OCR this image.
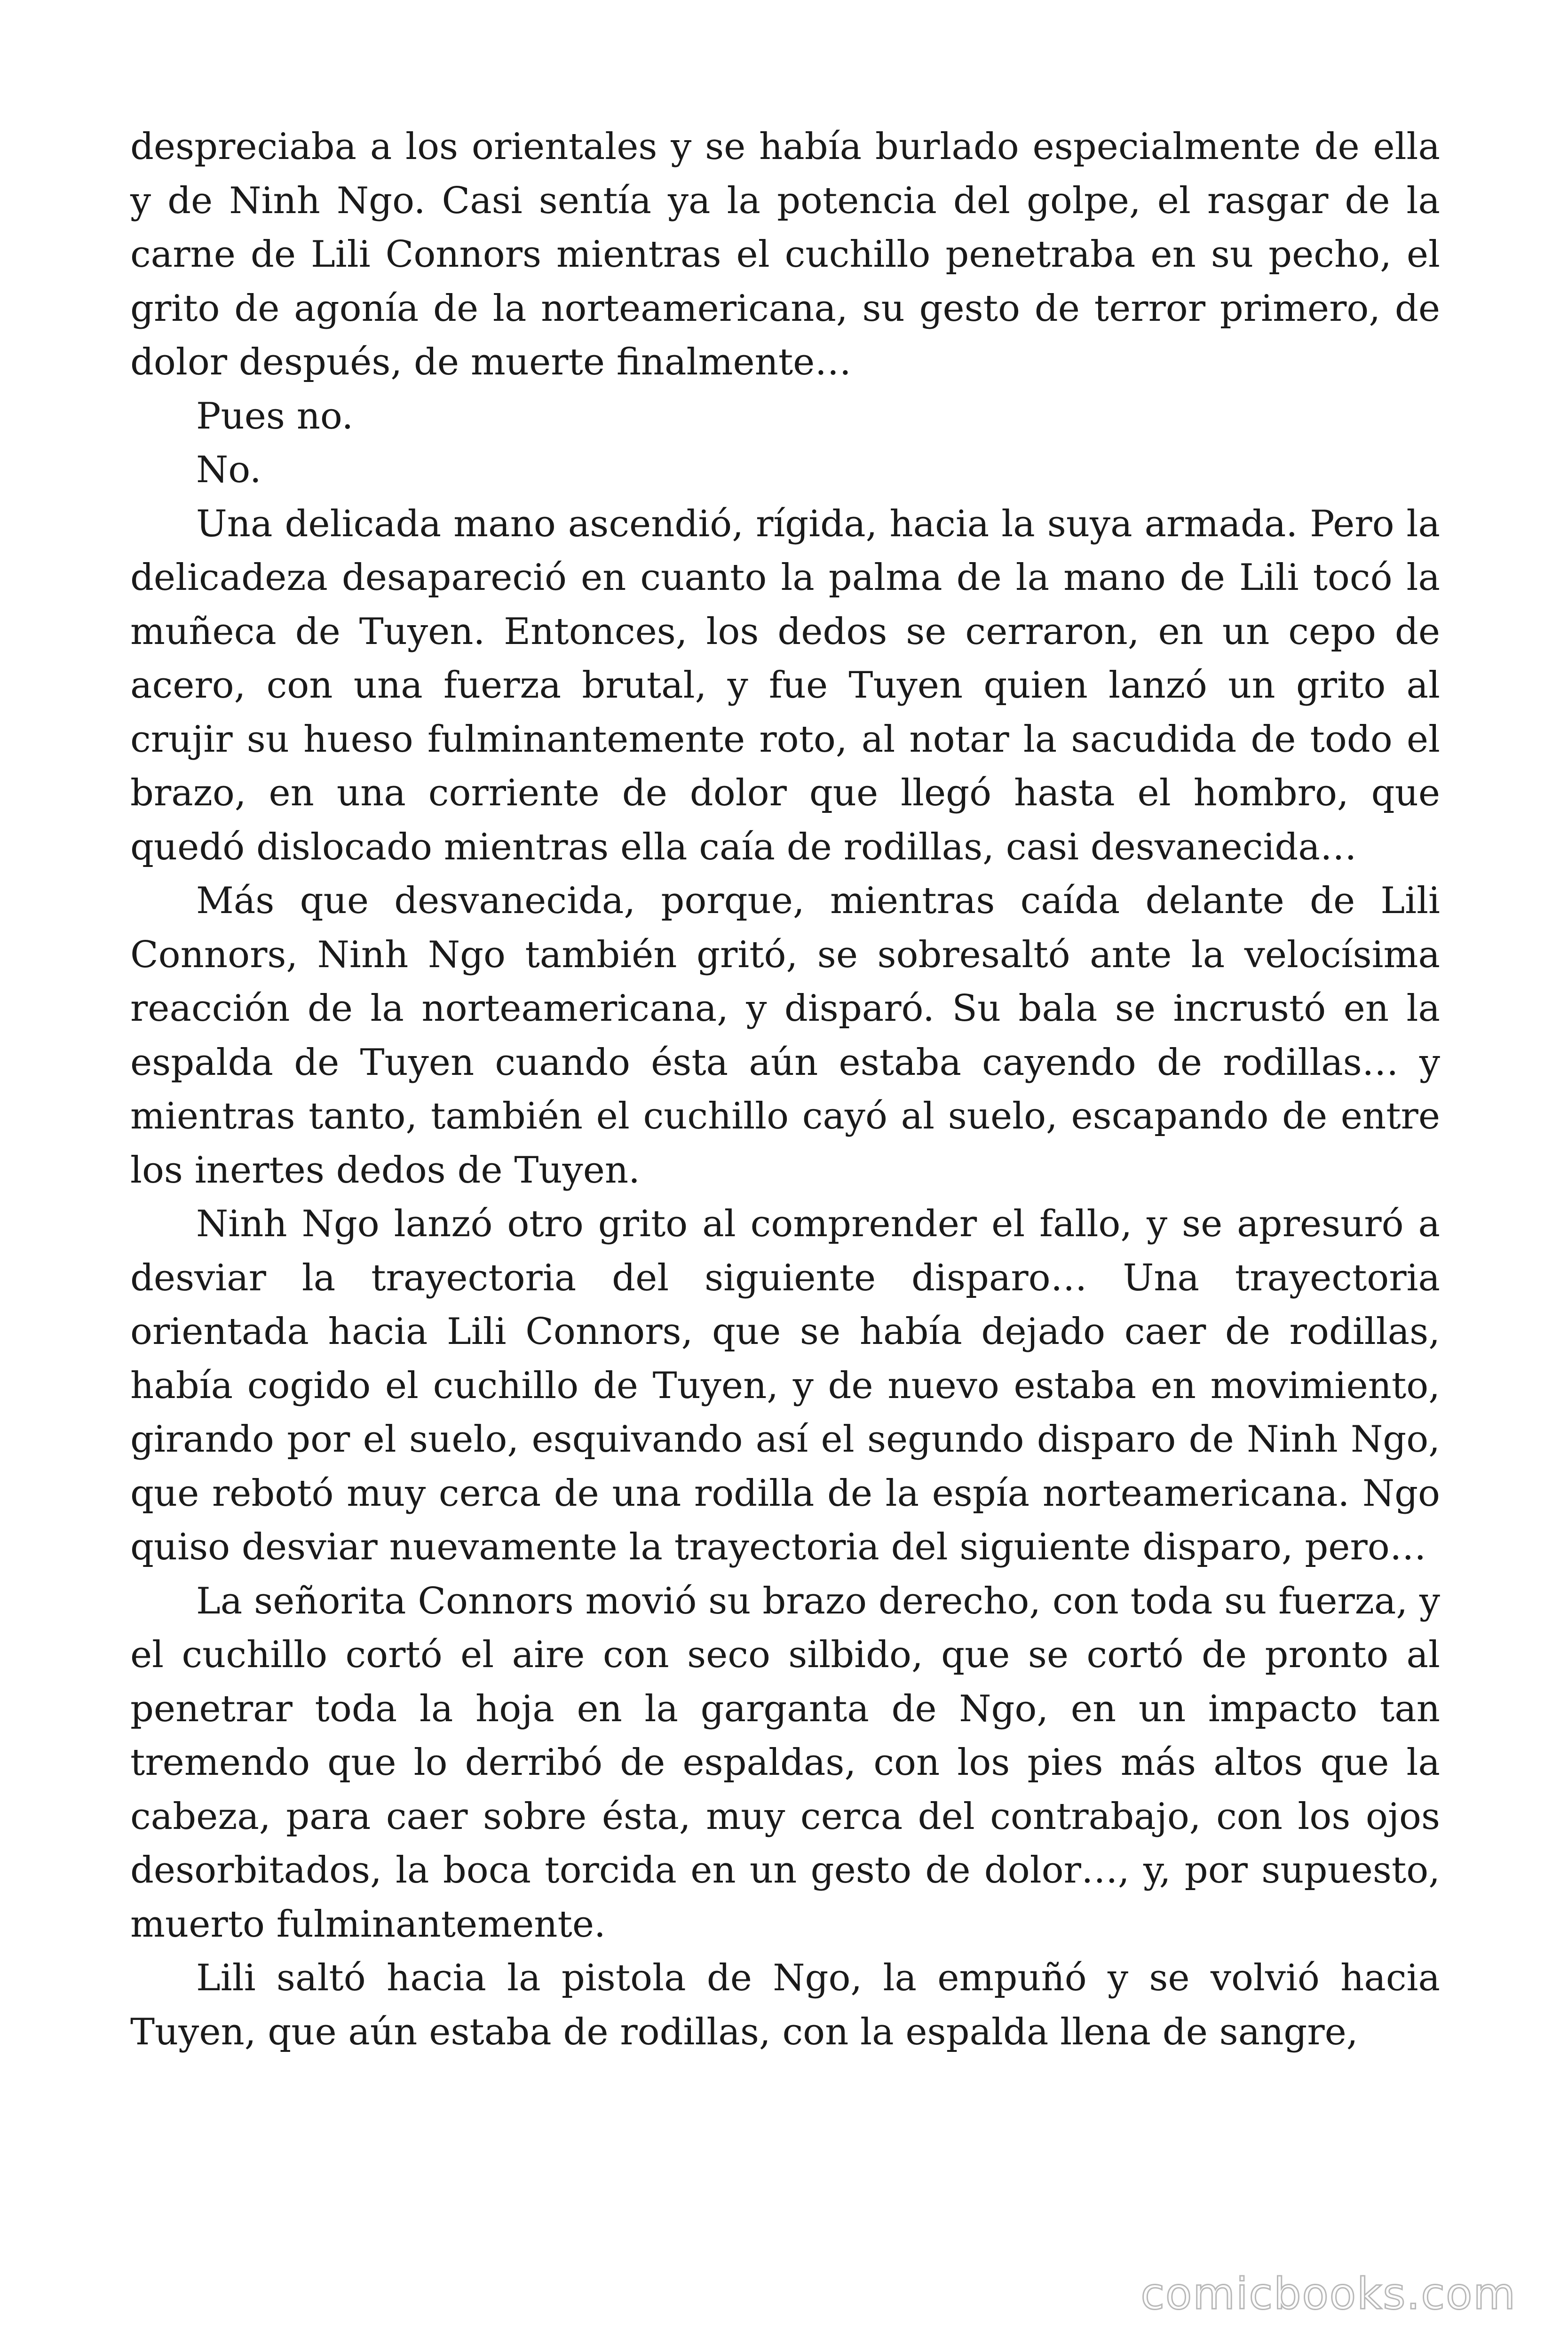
despreciaba a los orientales y se había burlado especialmente de ella y de Ninh Ngo. Casi sentía ya la potencia del golpe, el rasgar de la carne de Lili Connors mientras el cuchillo penetraba en su pecho, el grito de agonía de la norteamericana, su gesto de terror primero, de dolor después, de muerte finalmente…

Pues no.

No.

Una delicada mano ascendió, rígida, hacia la suya armada. Pero la delicadeza desapareció en cuanto la palma de la mano de Lili tocó la muñeca de Tuyen. Entonces, los dedos se cerraron, en un cepo de acero, con una fuerza brutal, y fue Tuyen quien lanzó un grito al crujir su hueso fulminantemente roto, al notar la sacudida de todo el brazo, en una corriente de dolor que llegó hasta el hombro, que quedó dislocado mientras ella caía de rodillas, casi desvanecida…

Más que desvanecida, porque, mientras caída delante de Lili Connors, Ninh Ngo también gritó, se sobresaltó ante la velocísima reacción de la norteamericana, y disparó. Su bala se incrustó en la espalda de Tuyen cuando ésta aún estaba cayendo de rodillas… y mientras tanto, también el cuchillo cayó al suelo, escapando de entre los inertes dedos de Tuyen.

Ninh Ngo lanzó otro grito al comprender el fallo, y se apresuró a desviar la trayectoria del siguiente disparo… Una trayectoria orientada hacia Lili Connors, que se había dejado caer de rodillas, había cogido el cuchillo de Tuyen, y de nuevo estaba en movimiento, girando por el suelo, esquivando así el segundo disparo de Ninh Ngo, que rebotó muy cerca de una rodilla de la espía norteamericana. Ngo quiso desviar nuevamente la trayectoria del siguiente disparo, pero…

La señorita Connors movió su brazo derecho, con toda su fuerza, y el cuchillo cortó el aire con seco silbido, que se cortó de pronto al penetrar toda la hoja en la garganta de Ngo, en un impacto tan tremendo que lo derribó de espaldas, con los pies más altos que la cabeza, para caer sobre ésta, muy cerca del contrabajo, con los ojos desorbitados, la boca torcida en un gesto de dolor…, y, por supuesto, muerto fulminantemente.

Lili saltó hacia la pistola de Ngo, la empuñó y se volvió hacia Tuyen, que aún estaba de rodillas, con la espalda llena de sangre,

comicbooks.com
